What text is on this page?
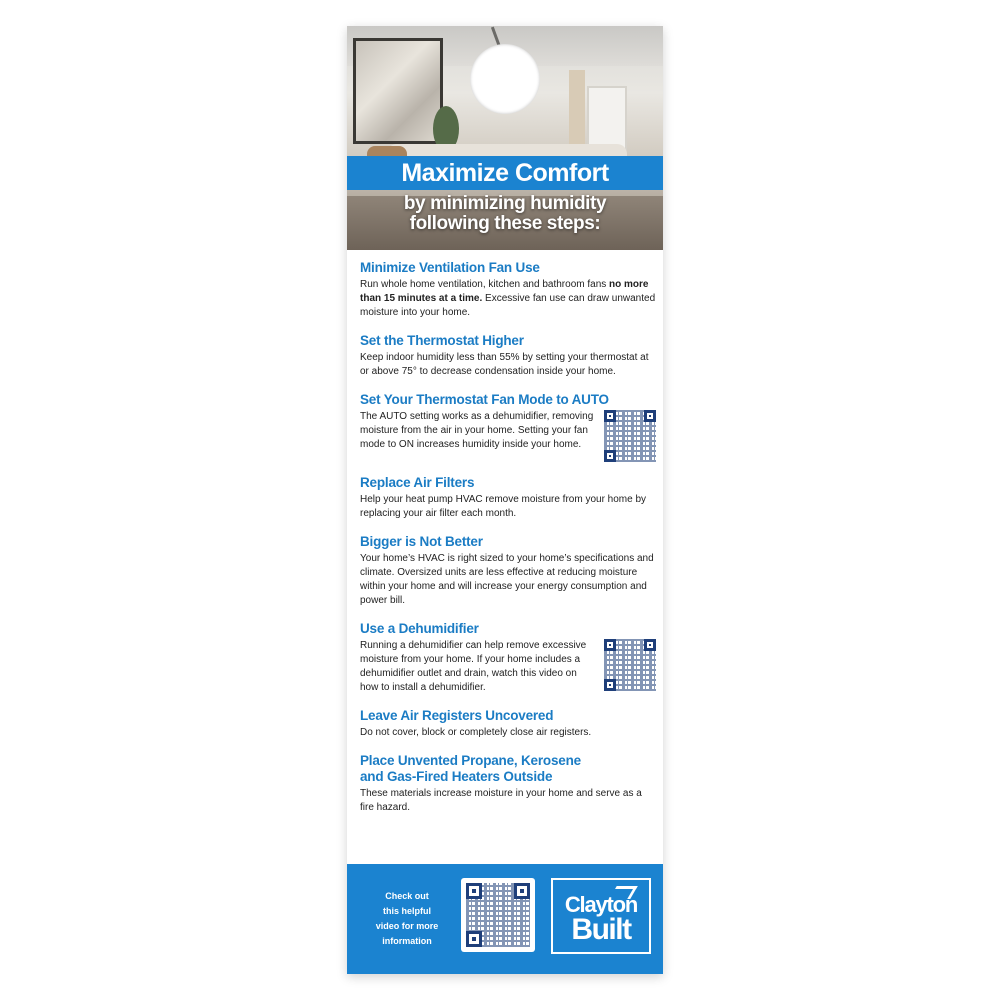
Maximize Comfort
by minimizing humidity
following these steps:
Minimize Ventilation Fan Use

Run whole home ventilation, kitchen and bathroom fans no more than 15 minutes at a time. Excessive fan use can draw unwanted moisture into your home.

Set the Thermostat Higher

Keep indoor humidity less than 55% by setting your thermostat at or above 75° to decrease condensation inside your home.

Set Your Thermostat Fan Mode to AUTO

The AUTO setting works as a dehumidifier, removing moisture from the air in your home. Setting your fan mode to ON increases humidity inside your home.

Replace Air Filters

Help your heat pump HVAC remove moisture from your home by replacing your air filter each month.

Bigger is Not Better

Your home’s HVAC is right sized to your home’s specifications and climate. Oversized units are less effective at reducing moisture within your home and will increase your energy consumption and power bill.

Use a Dehumidifier

Running a dehumidifier can help remove excessive moisture from your home. If your home includes a dehumidifier outlet and drain, watch this video on how to install a dehumidifier.

Leave Air Registers Uncovered

Do not cover, block or completely close air registers.

Place Unvented Propane, Kerosene
and Gas-Fired Heaters Outside

These materials increase moisture in your home and serve as a fire hazard.

Check out
this helpful
video for more
information
Clayton
Built
